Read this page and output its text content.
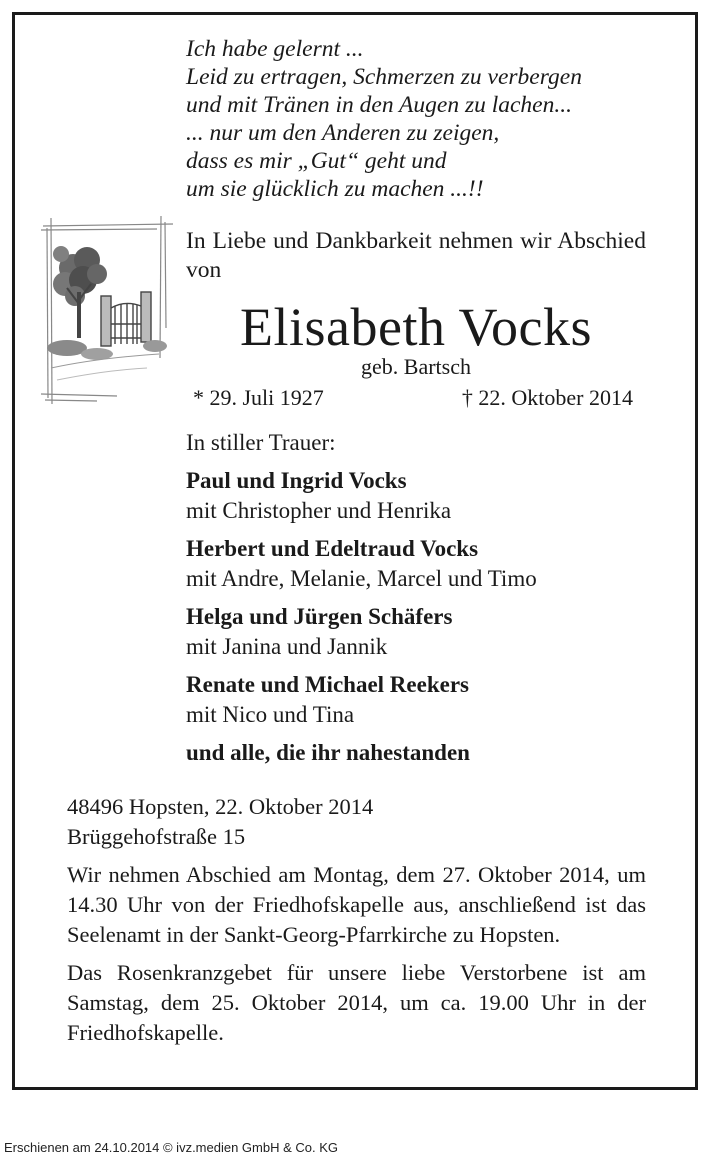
Ich habe gelernt ...
Leid zu ertragen, Schmerzen zu verbergen
und mit Tränen in den Augen zu lachen...
... nur um den Anderen zu zeigen,
dass es mir „Gut“ geht und
um sie glücklich zu machen ...!!
In Liebe und Dankbarkeit nehmen wir Abschied von
Elisabeth Vocks
geb. Bartsch
* 29. Juli 1927	† 22. Oktober 2014
In stiller Trauer:
Paul und Ingrid Vocks
mit Christopher und Henrika
Herbert und Edeltraud Vocks
mit Andre, Melanie, Marcel und Timo
Helga und Jürgen Schäfers
mit Janina und Jannik
Renate und Michael Reekers
mit Nico und Tina
und alle, die ihr nahestanden
48496 Hopsten, 22. Oktober 2014
Brüggehofstraße 15

Wir nehmen Abschied am Montag, dem 27. Oktober 2014, um 14.30 Uhr von der Friedhofskapelle aus, anschließend ist das Seelenamt in der Sankt-Georg-Pfarrkirche zu Hopsten.

Das Rosenkranzgebet für unsere liebe Verstorbene ist am Samstag, dem 25. Oktober 2014, um ca. 19.00 Uhr in der Friedhofskapelle.

Erschienen am 24.10.2014 © ivz.medien GmbH & Co. KG
